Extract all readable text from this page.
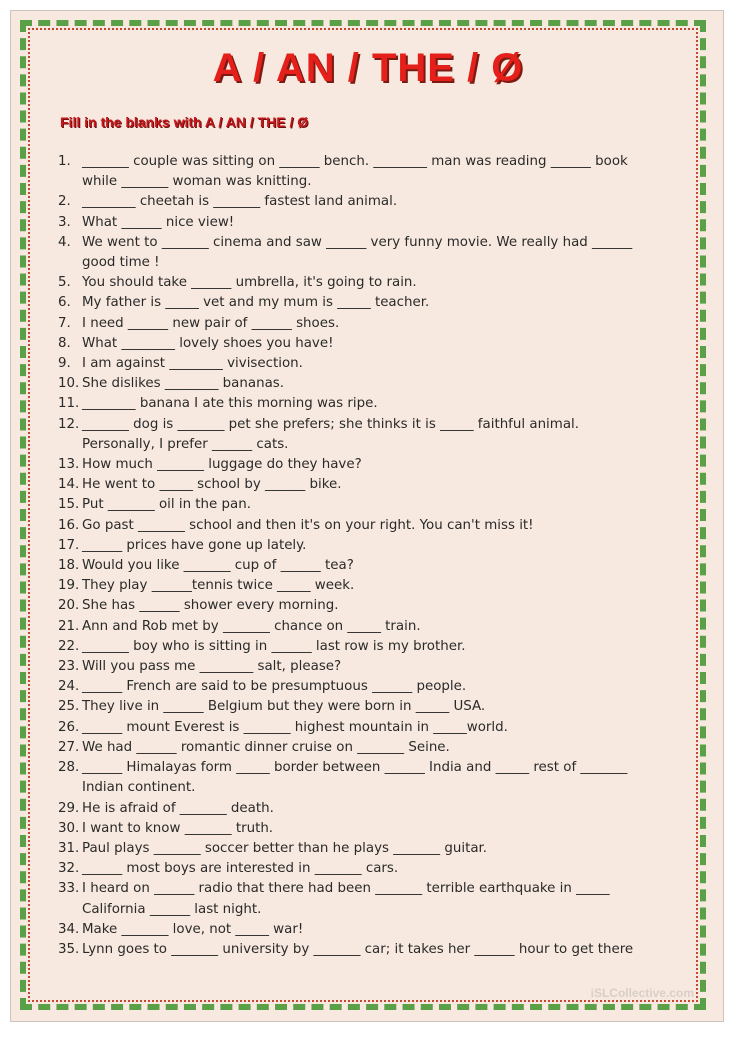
A / AN / THE / Ø
Fill in the blanks with A / AN / THE / Ø
1. _______ couple was sitting on ______ bench. ________ man was reading ______ book
while _______ woman was knitting.
2. ________ cheetah is _______ fastest land animal.
3. What ______ nice view!
4. We went to _______ cinema and saw ______ very funny movie. We really had ______
good time !
5. You should take ______ umbrella, it's going to rain.
6. My father is _____ vet and my mum is _____ teacher.
7. I need ______ new pair of ______ shoes.
8. What ________ lovely shoes you have!
9. I am against ________ vivisection.
10. She dislikes ________ bananas.
11. ________ banana I ate this morning was ripe.
12. _______ dog is _______ pet she prefers; she thinks it is _____ faithful animal.
Personally, I prefer ______ cats.
13. How much _______ luggage do they have?
14. He went to _____ school by ______ bike.
15. Put _______ oil in the pan.
16. Go past _______ school and then it's on your right. You can't miss it!
17. ______ prices have gone up lately.
18. Would you like _______ cup of ______ tea?
19. They play ______tennis twice _____ week.
20. She has ______ shower every morning.
21. Ann and Rob met by _______ chance on _____ train.
22. _______ boy who is sitting in ______ last row is my brother.
23. Will you pass me ________ salt, please?
24. ______ French are said to be presumptuous ______ people.
25. They live in ______ Belgium but they were born in _____ USA.
26. ______ mount Everest is _______ highest mountain in _____world.
27. We had ______ romantic dinner cruise on _______ Seine.
28. ______ Himalayas form _____ border between ______ India and _____ rest of _______
Indian continent.
29. He is afraid of _______ death.
30. I want to know _______ truth.
31. Paul plays _______ soccer better than he plays _______ guitar.
32. ______ most boys are interested in _______ cars.
33. I heard on ______ radio that there had been _______ terrible earthquake in _____
California ______ last night.
34. Make _______ love, not _____ war!
35. Lynn goes to _______ university by _______ car; it takes her ______ hour to get there
iSLCollective.com
